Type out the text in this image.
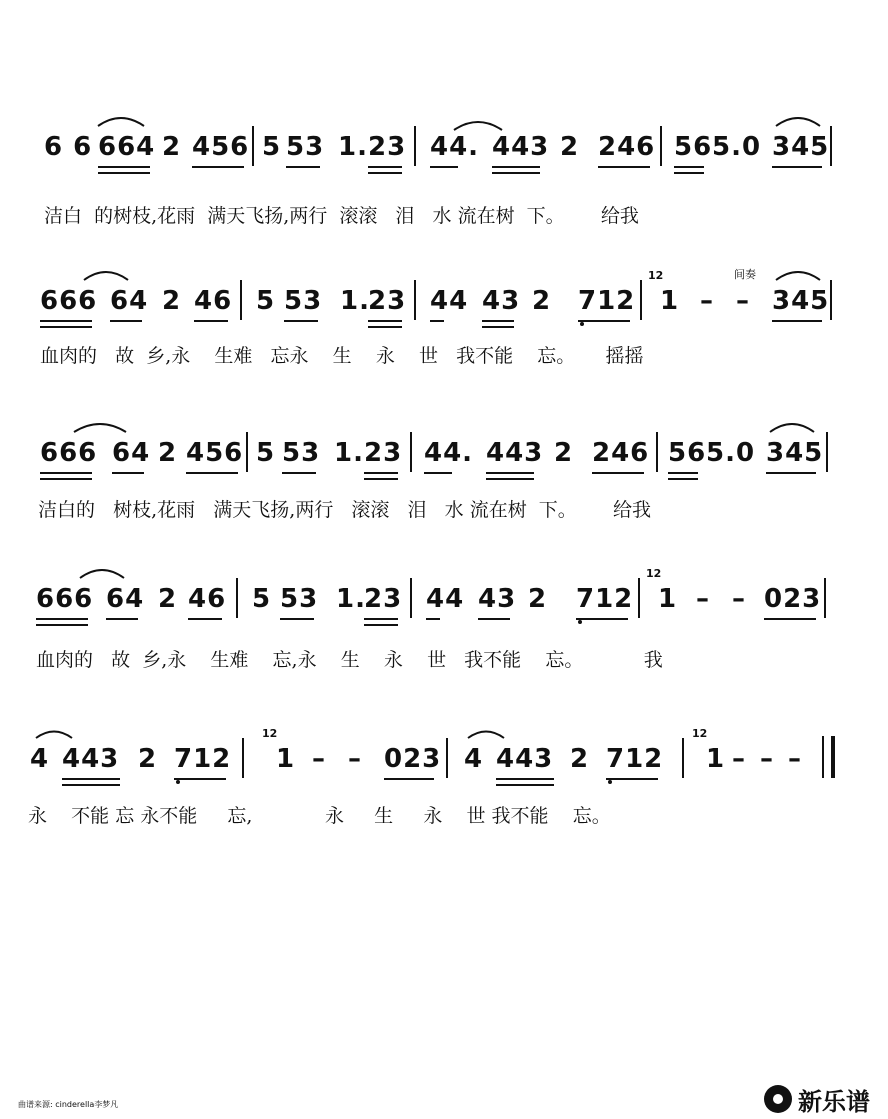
6 6 664 2 456 5 53 1. 23 44. 443 2 246 56 5.0 345
洁白  的树枝,花雨  满天飞扬,两行  滚滚   泪   水 流在树  下。      给我
666 64 2 46 5 53 1.
23 44 43 2 712
12
1 – –
间奏
345
血肉的   故  乡,永    生难   忘永    生    永    世   我不能    忘。     摇摇
666 64 2 456 5 53 1. 23 44. 443 2 246 56 5.0 345
洁白的   树枝,花雨   满天飞扬,两行   滚滚   泪   水 流在树  下。      给我
666 64 2 46 5 53 1.
23 44 43 2 712
12
1 – – 023
血肉的   故  乡,永    生难    忘,永    生    永    世   我不能    忘。          我
4 443 2 712
12
1 – – 023 4 443 2 712
12
1 – – –
永    不能 忘 永不能     忘,            永     生     永    世 我不能    忘。
曲谱来源: cinderella李梦凡	新乐谱
